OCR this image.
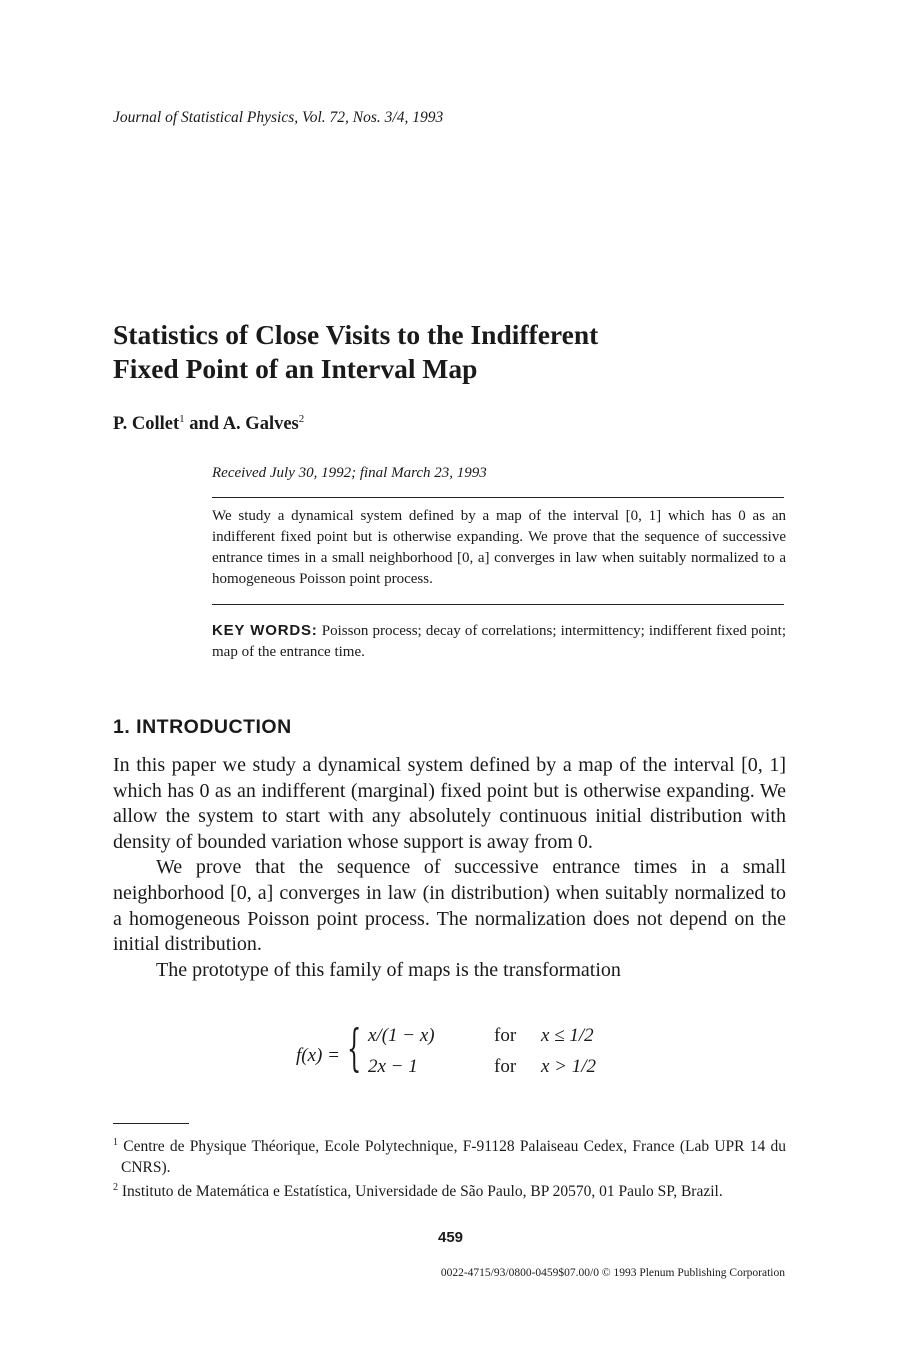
Journal of Statistical Physics, Vol. 72, Nos. 3/4, 1993
Statistics of Close Visits to the Indifferent
Fixed Point of an Interval Map
P. Collet$^1$ and A. Galves$^2$
Received July 30, 1992; final March 23, 1993
We study a dynamical system defined by a map of the interval [0, 1] which has 0 as an indifferent fixed point but is otherwise expanding. We prove that the sequence of successive entrance times in a small neighborhood [0, a] converges in law when suitably normalized to a homogeneous Poisson point process.
KEY WORDS: Poisson process; decay of correlations; intermittency; indifferent fixed point; map of the entrance time.
1. INTRODUCTION

In this paper we study a dynamical system defined by a map of the interval [0, 1] which has 0 as an indifferent (marginal) fixed point but is otherwise expanding. We allow the system to start with any absolutely continuous initial distribution with density of bounded variation whose support is away from 0.

We prove that the sequence of successive entrance times in a small neighborhood [0, a] converges in law (in distribution) when suitably normalized to a homogeneous Poisson point process. The normalization does not depend on the initial distribution.

The prototype of this family of maps is the transformation

f(x) = { x/(1 − x)	for x ≤ 1/2
2x − 1	for x > 1/2
$^1$ Centre de Physique Théorique, Ecole Polytechnique, F-91128 Palaiseau Cedex, France (Lab UPR 14 du CNRS).
$^2$ Instituto de Matemática e Estatística, Universidade de São Paulo, BP 20570, 01 Paulo SP, Brazil.
459
0022-4715/93/0800-0459$07.00/0 © 1993 Plenum Publishing Corporation
